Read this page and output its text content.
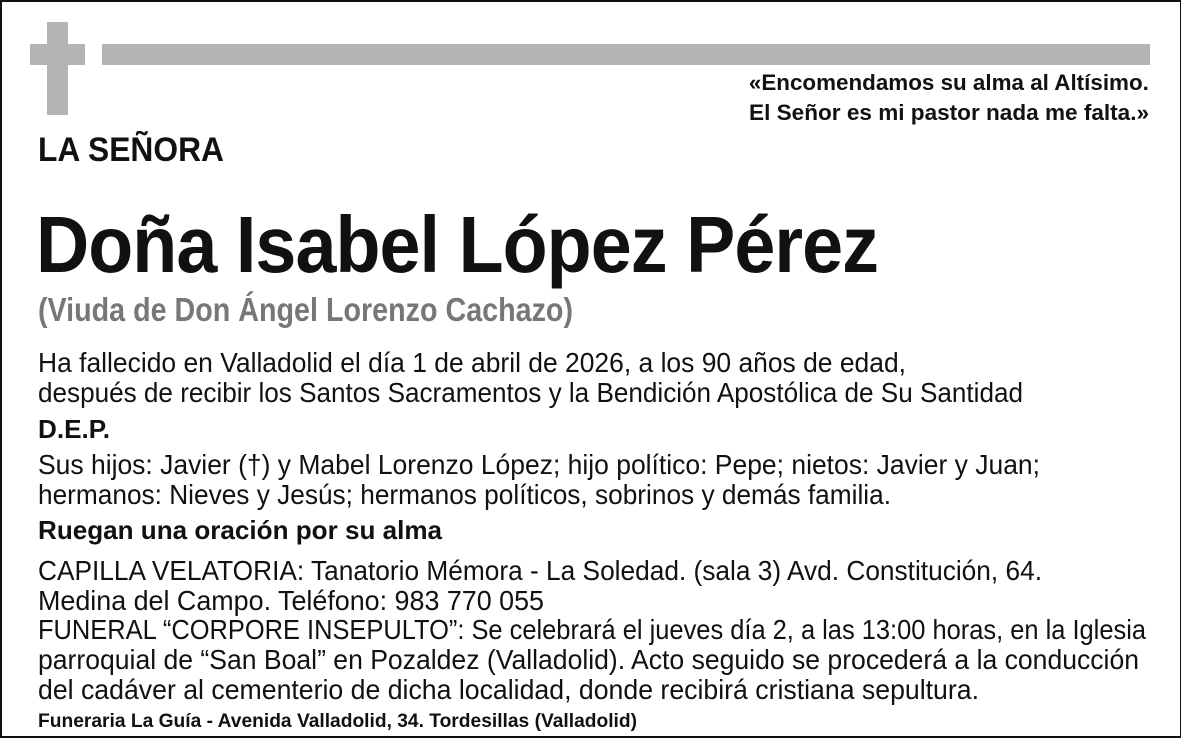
«Encomendamos su alma al Altísimo.
El Señor es mi pastor nada me falta.»
LA SEÑORA
Doña Isabel López Pérez
(Viuda de Don Ángel Lorenzo Cachazo)
Ha fallecido en Valladolid el día 1 de abril de 2026, a los 90 años de edad,
después de recibir los Santos Sacramentos y la Bendición Apostólica de Su Santidad
D.E.P.
Sus hijos: Javier (†) y Mabel Lorenzo López; hijo político: Pepe; nietos: Javier y Juan;
hermanos: Nieves y Jesús; hermanos políticos, sobrinos y demás familia.
Ruegan una oración por su alma
CAPILLA VELATORIA: Tanatorio Mémora - La Soledad. (sala 3) Avd. Constitución, 64.
Medina del Campo. Teléfono: 983 770 055
FUNERAL “CORPORE INSEPULTO”: Se celebrará el jueves día 2, a las 13:00 horas, en la Iglesia
parroquial de “San Boal” en Pozaldez (Valladolid). Acto seguido se procederá a la conducción
del cadáver al cementerio de dicha localidad, donde recibirá cristiana sepultura.
Funeraria La Guía - Avenida Valladolid, 34. Tordesillas (Valladolid)
